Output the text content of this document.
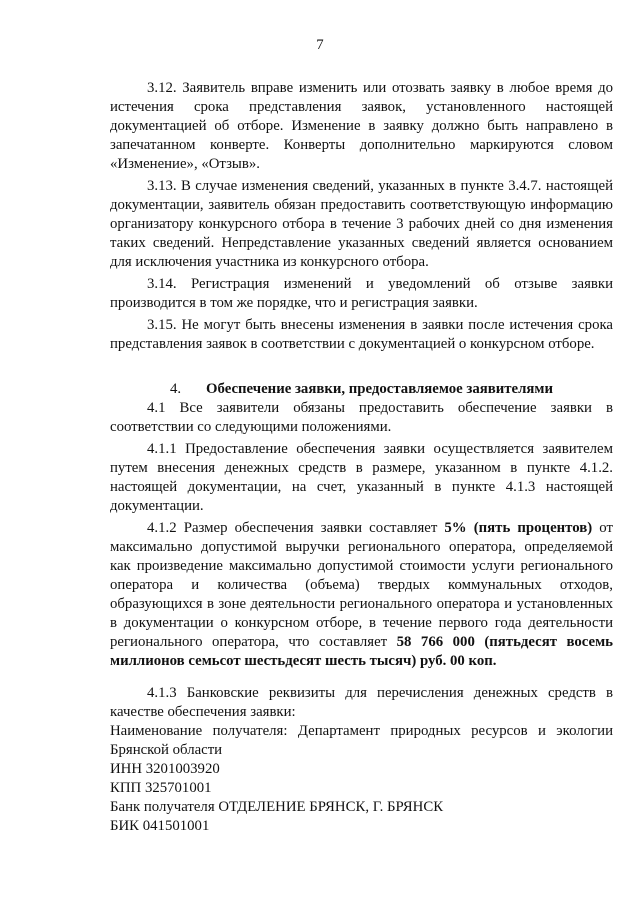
7

3.12. Заявитель вправе изменить или отозвать заявку в любое время до истечения срока представления заявок, установленного настоящей документацией об отборе. Изменение в заявку должно быть направлено в запечатанном конверте. Конверты дополнительно маркируются словом «Изменение», «Отзыв».

3.13. В случае изменения сведений, указанных в пункте 3.4.7. настоящей документации, заявитель обязан предоставить соответствующую информацию организатору конкурсного отбора в течение 3 рабочих дней со дня изменения таких сведений. Непредставление указанных сведений является основанием для исключения участника из конкурсного отбора.

3.14. Регистрация изменений и уведомлений об отзыве заявки производится в том же порядке, что и регистрация заявки.

3.15. Не могут быть внесены изменения в заявки после истечения срока представления заявок в соответствии с документацией о конкурсном отборе.

4. Обеспечение заявки, предоставляемое заявителями

4.1 Все заявители обязаны предоставить обеспечение заявки в соответствии со следующими положениями.

4.1.1 Предоставление обеспечения заявки осуществляется заявителем путем внесения денежных средств в размере, указанном в пункте 4.1.2. настоящей документации, на счет, указанный в пункте 4.1.3 настоящей документации.

4.1.2 Размер обеспечения заявки составляет 5% (пять процентов) от максимально допустимой выручки регионального оператора, определяемой как произведение максимально допустимой стоимости услуги регионального оператора и количества (объема) твердых коммунальных отходов, образующихся в зоне деятельности регионального оператора и установленных в документации о конкурсном отборе, в течение первого года деятельности регионального оператора, что составляет 58 766 000 (пятьдесят восемь миллионов семьсот шестьдесят шесть тысяч) руб. 00 коп.

4.1.3 Банковские реквизиты для перечисления денежных средств в качестве обеспечения заявки:

Наименование получателя: Департамент природных ресурсов и экологии Брянской области

ИНН 3201003920

КПП 325701001

Банк получателя ОТДЕЛЕНИЕ БРЯНСК, Г. БРЯНСК

БИК 041501001
